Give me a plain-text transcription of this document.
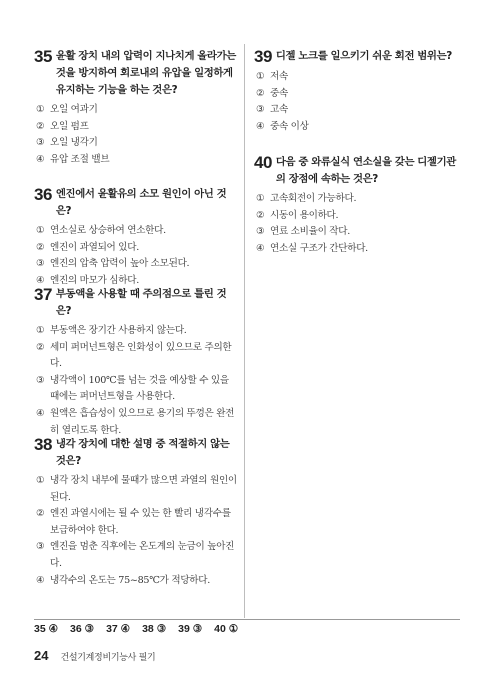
35 윤활 장치 내의 압력이 지나치게 올라가는 것을 방지하여 회로내의 유압을 일정하게 유지하는 기능을 하는 것은?
① 오일 여과기
② 오일 펌프
③ 오일 냉각기
④ 유압 조절 밸브
36 엔진에서 윤활유의 소모 원인이 아닌 것은?
① 연소실로 상승하여 연소한다.
② 엔진이 과열되어 있다.
③ 엔진의 압축 압력이 높아 소모된다.
④ 엔진의 마모가 심하다.
37 부동액을 사용할 때 주의점으로 틀린 것은?
① 부동액은 장기간 사용하지 않는다.
② 세미 퍼머넌트형은 인화성이 있으므로 주의한다.
③ 냉각액이 100℃를 넘는 것을 예상할 수 있을 때에는 퍼머넌트형을 사용한다.
④ 원액은 흡습성이 있으므로 용기의 뚜껑은 완전히 열리도록 한다.
38 냉각 장치에 대한 설명 중 적절하지 않는 것은?
① 냉각 장치 내부에 물때가 많으면 과열의 원인이 된다.
② 엔진 과열시에는 될 수 있는 한 빨리 냉각수를 보급하여야 한다.
③ 엔진을 멈춘 직후에는 온도계의 눈금이 높아진다.
④ 냉각수의 온도는 75~85℃가 적당하다.
39 디젤 노크를 일으키기 쉬운 회전 범위는?
① 저속
② 중속
③ 고속
④ 중속 이상
40 다음 중 와류실식 연소실을 갖는 디젤기관의 장점에 속하는 것은?
① 고속회전이 가능하다.
② 시동이 용이하다.
③ 연료 소비율이 작다.
④ 연소실 구조가 간단하다.
35 ④ 36 ③ 37 ④ 38 ③ 39 ③ 40 ①
24 건설기계정비기능사 필기
